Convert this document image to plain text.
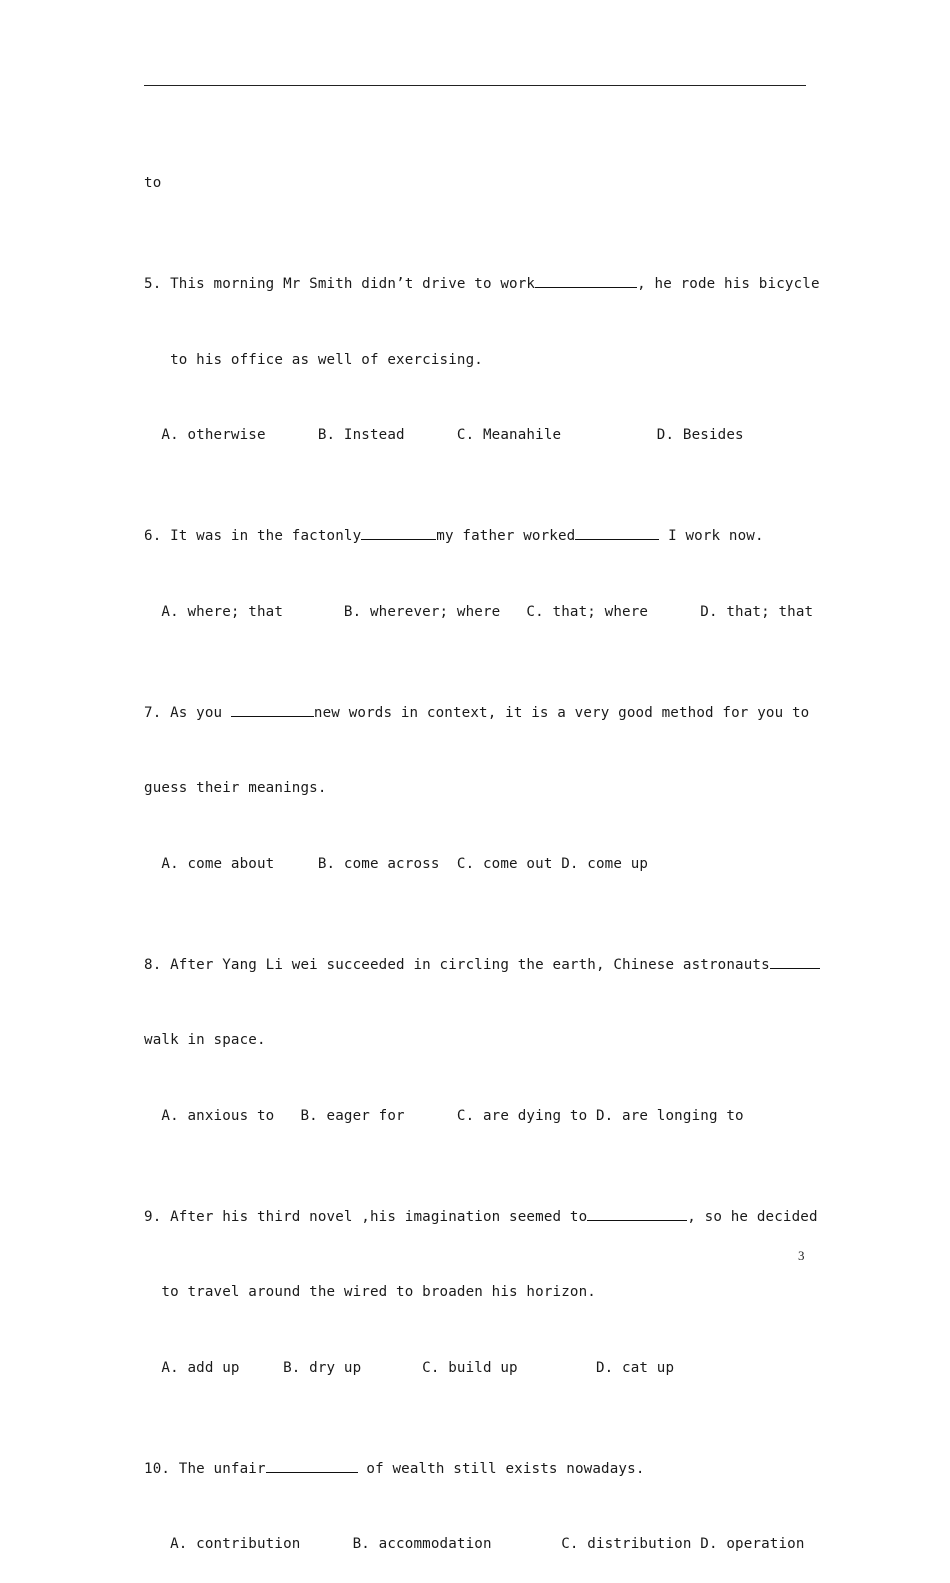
to

5. This morning Mr Smith didn’t drive to work	, he rode his bicycle

to his office as well of exercising.

A. otherwise      B. Instead      C. Meanahile           D. Besides

6. It was in the factonly	my father worked	I work now.

A. where; that       B. wherever; where   C. that; where      D. that; that

7. As you	new words in context, it is a very good method for you to

guess their meanings.

A. come about     B. come across  C. come out D. come up

8. After Yang Li wei succeeded in circling the earth, Chinese astronauts

walk in space.

A. anxious to   B. eager for      C. are dying to D. are longing to

9. After his third novel ,his imagination seemed to	, so he decided

to travel around the wired to broaden his horizon.

A. add up     B. dry up       C. build up         D. cat up

10. The unfair	of wealth still exists nowadays.

A. contribution      B. accommodation        C. distribution D. operation

3
